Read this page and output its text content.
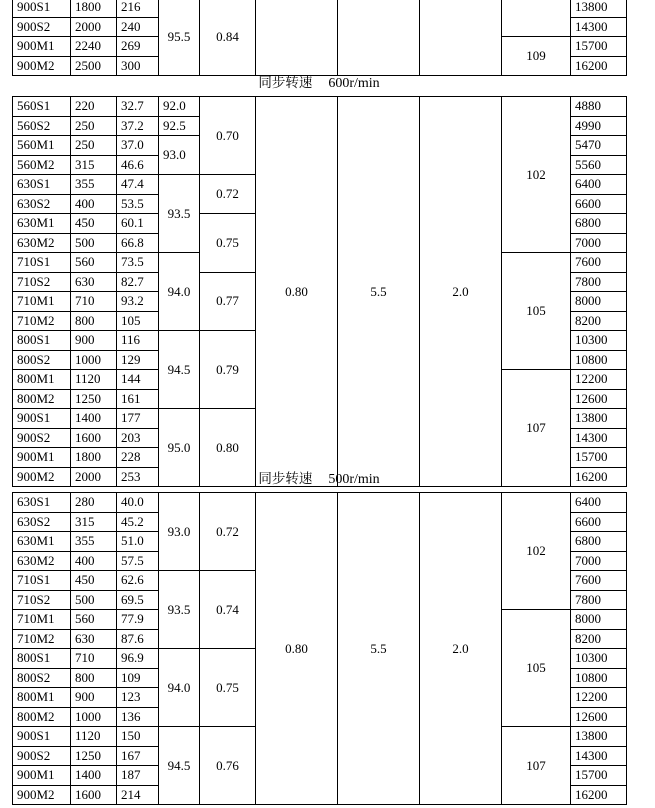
900S1	1800	216	95.5	0.84					13800
900S2	2000	240							14300
900M1	2240	269						109	15700
900M2	2500	300							16200
同步转速 600r/min
560S1	220	32.7	92.0	0.70	0.80	5.5	2.0	102	4880
560S2	250	37.2	92.5						4990
560M1	250	37.0	93.0						5470
560M2	315	46.6							5560
630S1	355	47.4	93.5	0.72					6400
630S2	400	53.5							6600
630M1	450	60.1		0.75					6800
630M2	500	66.8							7000
710S1	560	73.5	94.0					105	7600
710S2	630	82.7		0.77					7800
710M1	710	93.2							8000
710M2	800	105							8200
800S1	900	116	94.5	0.79					10300
800S2	1000	129							10800
800M1	1120	144						107	12200
800M2	1250	161							12600
900S1	1400	177	95.0	0.80					13800
900S2	1600	203							14300
900M1	1800	228							15700
900M2	2000	253							16200
同步转速 500r/min
630S1	280	40.0	93.0	0.72	0.80	5.5	2.0	102	6400
630S2	315	45.2							6600
630M1	355	51.0							6800
630M2	400	57.5							7000
710S1	450	62.6	93.5	0.74					7600
710S2	500	69.5							7800
710M1	560	77.9						105	8000
710M2	630	87.6							8200
800S1	710	96.9	94.0	0.75					10300
800S2	800	109							10800
800M1	900	123							12200
800M2	1000	136							12600
900S1	1120	150	94.5	0.76				107	13800
900S2	1250	167							14300
900M1	1400	187							15700
900M2	1600	214							16200
